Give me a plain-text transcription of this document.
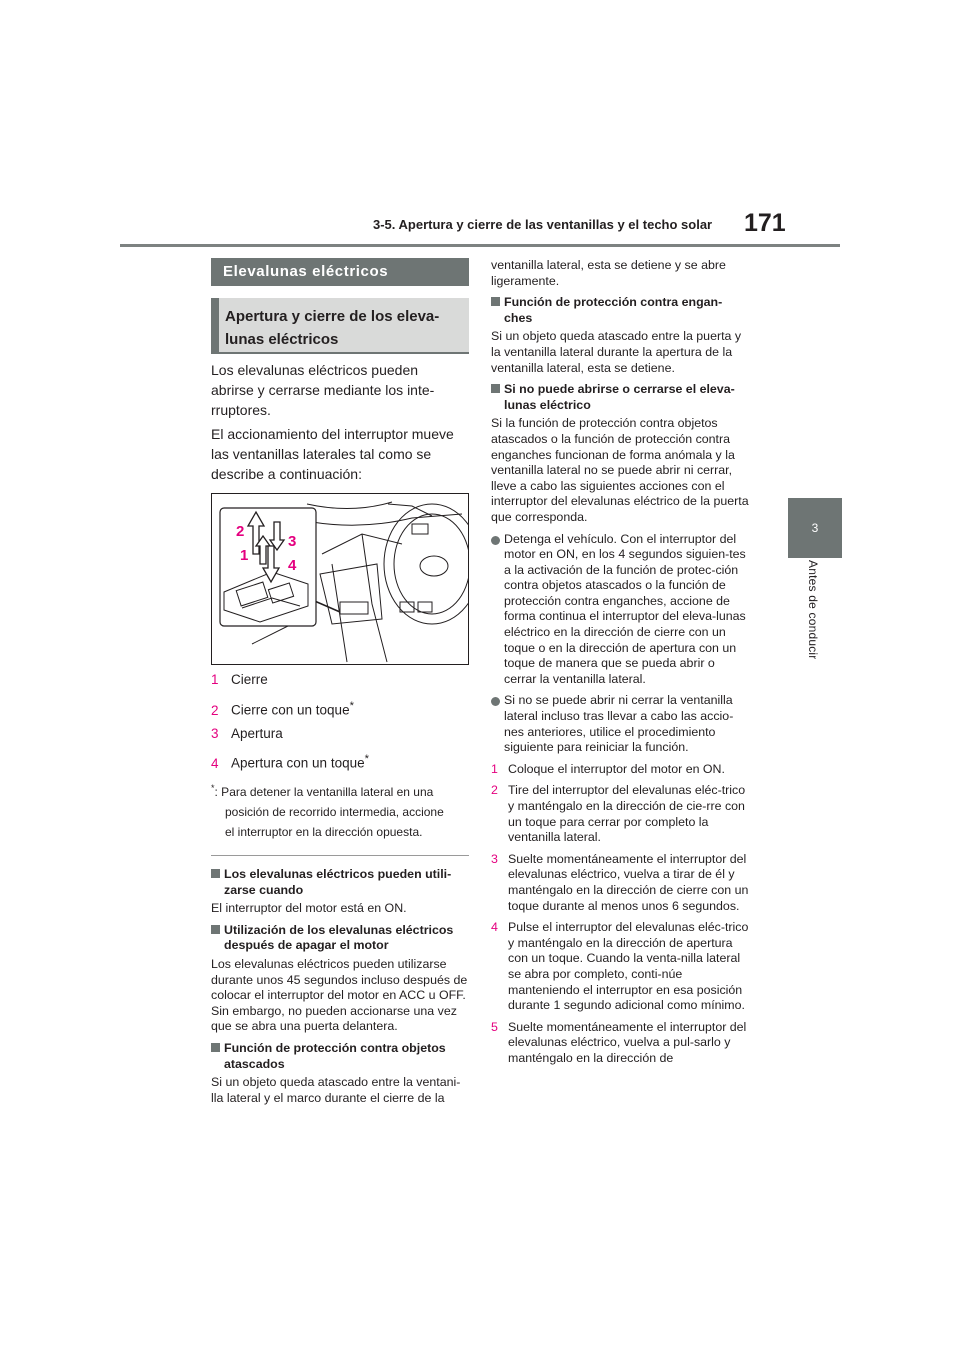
3-5. Apertura y cierre de las ventanillas y el techo solar 171
3
Antes de conducir
Elevalunas eléctricos
Apertura y cierre de los eleva-
lunas eléctricos
Los elevalunas eléctricos pueden
abrirse y cerrarse mediante los inte-
rruptores.
El accionamiento del interruptor mueve
las ventanillas laterales tal como se
describe a continuación:
2
3
1
4
1 Cierre
2 Cierre con un toque*
3 Apertura
4 Apertura con un toque*
*: Para detener la ventanilla lateral en una
posición de recorrido intermedia, accione
el interruptor en la dirección opuesta.

Los elevalunas eléctricos pueden utili-zarse cuando

El interruptor del motor está en ON.

Utilización de los elevalunas eléctricos después de apagar el motor

Los elevalunas eléctricos pueden utilizarse durante unos 45 segundos incluso después de colocar el interruptor del motor en ACC u OFF. Sin embargo, no pueden accionarse una vez que se abra una puerta delantera.

Función de protección contra objetos atascados

Si un objeto queda atascado entre la ventani-lla lateral y el marco durante el cierre de la

ventanilla lateral, esta se detiene y se abre ligeramente.

Función de protección contra engan-ches

Si un objeto queda atascado entre la puerta y la ventanilla lateral durante la apertura de la ventanilla lateral, esta se detiene.

Si no puede abrirse o cerrarse el eleva-lunas eléctrico

Si la función de protección contra objetos atascados o la función de protección contra enganches funcionan de forma anómala y la ventanilla lateral no se puede abrir ni cerrar, lleve a cabo las siguientes acciones con el interruptor del elevalunas eléctrico de la puerta que corresponda.

Detenga el vehículo. Con el interruptor del motor en ON, en los 4 segundos siguien-tes a la activación de la función de protec-ción contra objetos atascados o la función de protección contra enganches, accione de forma continua el interruptor del eleva-lunas eléctrico en la dirección de cierre con un toque o en la dirección de apertura con un toque de manera que se pueda abrir o cerrar la ventanilla lateral.

Si no se puede abrir ni cerrar la ventanilla lateral incluso tras llevar a cabo las accio-nes anteriores, utilice el procedimiento siguiente para reiniciar la función.

1 Coloque el interruptor del motor en ON.

2 Tire del interruptor del elevalunas eléc-trico y manténgalo en la dirección de cie-rre con un toque para cerrar por completo la ventanilla lateral.

3 Suelte momentáneamente el interruptor del elevalunas eléctrico, vuelva a tirar de él y manténgalo en la dirección de cierre con un toque durante al menos unos 6 segundos.

4 Pulse el interruptor del elevalunas eléc-trico y manténgalo en la dirección de apertura con un toque. Cuando la venta-nilla lateral se abra por completo, conti-núe manteniendo el interruptor en esa posición durante 1 segundo adicional como mínimo.

5 Suelte momentáneamente el interruptor del elevalunas eléctrico, vuelva a pul-sarlo y manténgalo en la dirección de
